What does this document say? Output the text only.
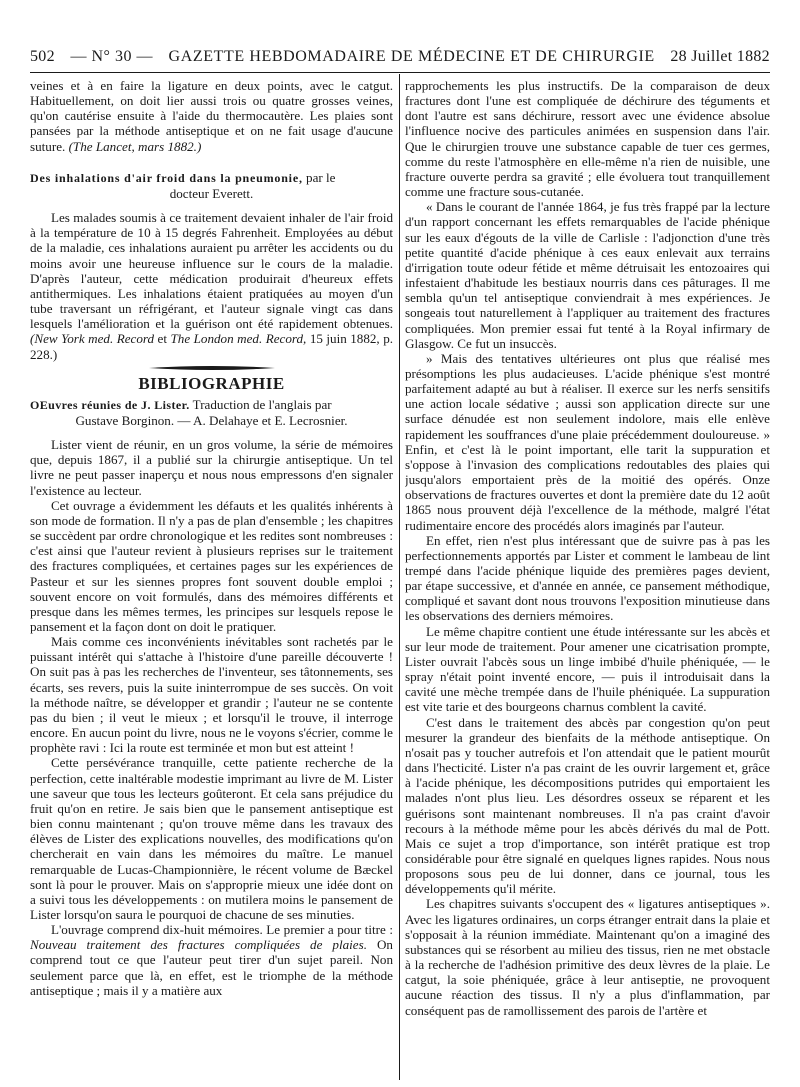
502 — N° 30 — GAZETTE HEBDOMADAIRE DE MÉDECINE ET DE CHIRURGIE 28 Juillet 1882

veines et à en faire la ligature en deux points, avec le catgut. Habituellement, on doit lier aussi trois ou quatre grosses veines, qu'on cautérise ensuite à l'aide du thermocautère. Les plaies sont pansées par la méthode antiseptique et on ne fait usage d'aucune suture. (The Lancet, mars 1882.)

Des inhalations d'air froid dans la pneumonie, par le

docteur Everett.

Les malades soumis à ce traitement devaient inhaler de l'air froid à la température de 10 à 15 degrés Fahrenheit. Employées au début de la maladie, ces inhalations auraient pu arrêter les accidents ou du moins avoir une heureuse influence sur le cours de la maladie. D'après l'auteur, cette médication produirait d'heureux effets antithermiques. Les inhalations étaient pratiquées au moyen d'un tube traversant un réfrigérant, et l'auteur signale vingt cas dans lesquels l'amélioration et la guérison ont été rapidement obtenues. (New York med. Record et The London med. Record, 15 juin 1882, p. 228.)

BIBLIOGRAPHIE

OEuvres réunies de J. Lister. Traduction de l'anglais par

Gustave Borginon. — A. Delahaye et E. Lecrosnier.

Lister vient de réunir, en un gros volume, la série de mémoires que, depuis 1867, il a publié sur la chirurgie antiseptique. Un tel livre ne peut passer inaperçu et nous nous empressons d'en signaler l'existence au lecteur.

Cet ouvrage a évidemment les défauts et les qualités inhérents à son mode de formation. Il n'y a pas de plan d'ensemble ; les chapitres se succèdent par ordre chronologique et les redites sont nombreuses : c'est ainsi que l'auteur revient à plusieurs reprises sur le traitement des fractures compliquées, et certaines pages sur les expériences de Pasteur et sur les siennes propres font souvent double emploi ; souvent encore on voit formulés, dans des mémoires différents et presque dans les mêmes termes, les principes sur lesquels repose le pansement et la façon dont on doit le pratiquer.

Mais comme ces inconvénients inévitables sont rachetés par le puissant intérêt qui s'attache à l'histoire d'une pareille découverte ! On suit pas à pas les recherches de l'inventeur, ses tâtonnements, ses écarts, ses revers, puis la suite ininterrompue de ses succès. On voit la méthode naître, se développer et grandir ; l'auteur ne se contente pas du bien ; il veut le mieux ; et lorsqu'il le trouve, il interroge encore. En aucun point du livre, nous ne le voyons s'écrier, comme le prophète ravi : Ici la route est terminée et mon but est atteint !

Cette persévérance tranquille, cette patiente recherche de la perfection, cette inaltérable modestie imprimant au livre de M. Lister une saveur que tous les lecteurs goûteront. Et cela sans préjudice du fruit qu'on en retire. Je sais bien que le pansement antiseptique est bien connu maintenant ; qu'on trouve même dans les travaux des élèves de Lister des explications nouvelles, des modifications qu'on chercherait en vain dans les mémoires du maître. Le manuel remarquable de Lucas-Championnière, le récent volume de Bæckel sont là pour le prouver. Mais on s'approprie mieux une idée dont on a suivi tous les développements : on mutilera moins le pansement de Lister lorsqu'on saura le pourquoi de chacune de ses minuties.

L'ouvrage comprend dix-huit mémoires. Le premier a pour titre : Nouveau traitement des fractures compliquées de plaies. On comprend tout ce que l'auteur peut tirer d'un sujet pareil. Non seulement parce que là, en effet, est le triomphe de la méthode antiseptique ; mais il y a matière aux

rapprochements les plus instructifs. De la comparaison de deux fractures dont l'une est compliquée de déchirure des téguments et dont l'autre est sans déchirure, ressort avec une évidence absolue l'influence nocive des particules animées en suspension dans l'air. Que le chirurgien trouve une substance capable de tuer ces germes, comme du reste l'atmosphère en elle-même n'a rien de nuisible, une fracture ouverte perdra sa gravité ; elle évoluera tout tranquillement comme une fracture sous-cutanée.

« Dans le courant de l'année 1864, je fus très frappé par la lecture d'un rapport concernant les effets remarquables de l'acide phénique sur les eaux d'égouts de la ville de Carlisle : l'adjonction d'une très petite quantité d'acide phénique à ces eaux enlevait aux terrains d'irrigation toute odeur fétide et même détruisait les entozoaires qui infestaient d'habitude les bestiaux nourris dans ces pâturages. Il me sembla qu'un tel antiseptique conviendrait à mes expériences. Je songeais tout naturellement à l'appliquer au traitement des fractures compliquées. Mon premier essai fut tenté à la Royal infirmary de Glasgow. Ce fut un insuccès.

» Mais des tentatives ultérieures ont plus que réalisé mes présomptions les plus audacieuses. L'acide phénique s'est montré parfaitement adapté au but à réaliser. Il exerce sur les nerfs sensitifs une action locale sédative ; aussi son application directe sur une surface dénudée est non seulement indolore, mais elle enlève rapidement les souffrances d'une plaie précédemment douloureuse. » Enfin, et c'est là le point important, elle tarit la suppuration et s'oppose à l'invasion des complications redoutables des plaies qui jusqu'alors emportaient près de la moitié des opérés. Onze observations de fractures ouvertes et dont la première date du 12 août 1865 nous prouvent déjà l'excellence de la méthode, malgré l'état rudimentaire encore des procédés alors imaginés par l'auteur.

En effet, rien n'est plus intéressant que de suivre pas à pas les perfectionnements apportés par Lister et comment le lambeau de lint trempé dans l'acide phénique liquide des premières pages devient, par étape successive, et d'année en année, ce pansement méthodique, compliqué et savant dont nous trouvons l'exposition minutieuse dans les observations des derniers mémoires.

Le même chapitre contient une étude intéressante sur les abcès et sur leur mode de traitement. Pour amener une cicatrisation prompte, Lister ouvrait l'abcès sous un linge imbibé d'huile phéniquée, — le spray n'était point inventé encore, — puis il introduisait dans la cavité une mèche trempée dans de l'huile phéniquée. La suppuration est vite tarie et des bourgeons charnus comblent la cavité.

C'est dans le traitement des abcès par congestion qu'on peut mesurer la grandeur des bienfaits de la méthode antiseptique. On n'osait pas y toucher autrefois et l'on attendait que le patient mourût dans l'hecticité. Lister n'a pas craint de les ouvrir largement et, grâce à l'acide phénique, les décompositions putrides qui emportaient les malades n'ont plus lieu. Les désordres osseux se réparent et les guérisons sont maintenant nombreuses. Il n'a pas craint d'avoir recours à la méthode même pour les abcès dérivés du mal de Pott. Mais ce sujet a trop d'importance, son intérêt pratique est trop considérable pour être signalé en quelques lignes rapides. Nous nous proposons sous peu de lui donner, dans ce journal, tous les développements qu'il mérite.

Les chapitres suivants s'occupent des « ligatures antiseptiques ». Avec les ligatures ordinaires, un corps étranger entrait dans la plaie et s'opposait à la réunion immédiate. Maintenant qu'on a imaginé des substances qui se résorbent au milieu des tissus, rien ne met obstacle à la recherche de l'adhésion primitive des deux lèvres de la plaie. Le catgut, la soie phéniquée, grâce à leur antiseptie, ne provoquent aucune réaction des tissus. Il n'y a plus d'inflammation, par conséquent pas de ramollissement des parois de l'artère et
